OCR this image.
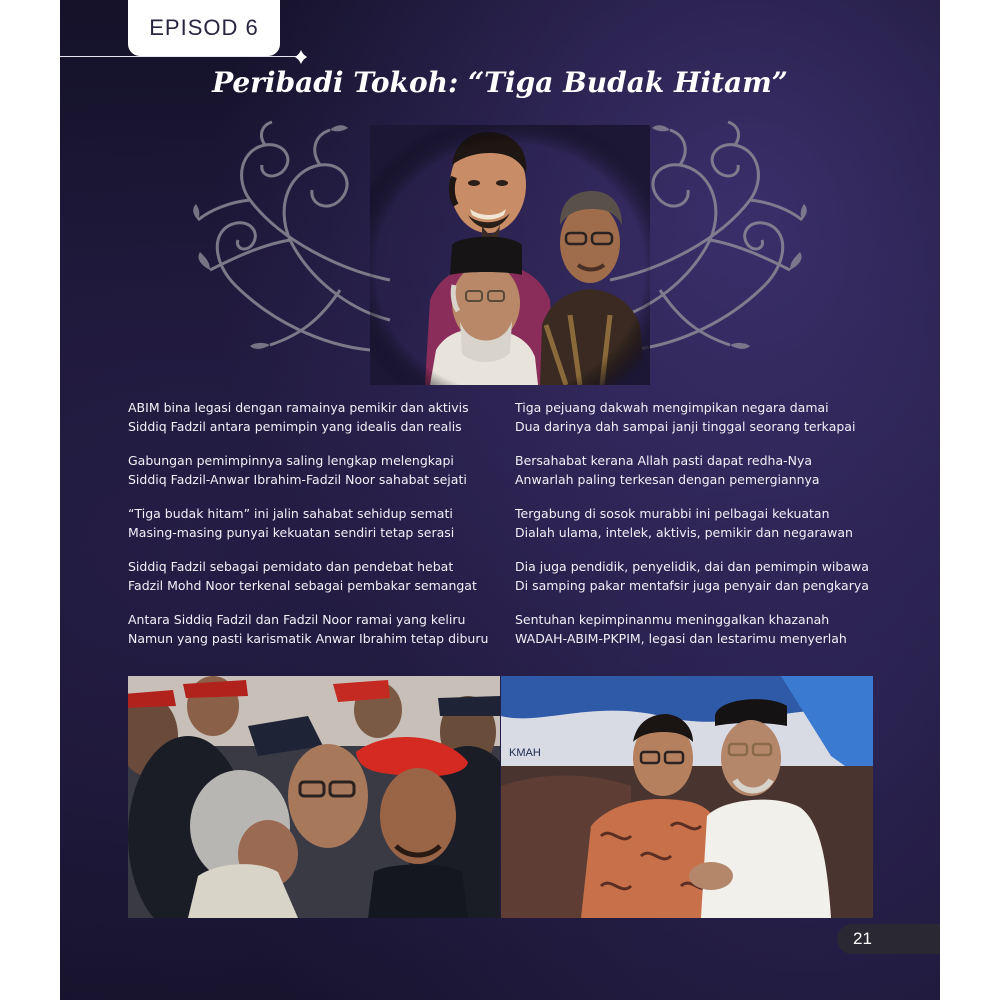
EPISOD 6
Peribadi Tokoh: “Tiga Budak Hitam”

ABIM bina legasi dengan ramainya pemikir dan aktivis

Siddiq Fadzil antara pemimpin yang idealis dan realis

Gabungan pemimpinnya saling lengkap melengkapi

Siddiq Fadzil-Anwar Ibrahim-Fadzil Noor sahabat sejati

“Tiga budak hitam” ini jalin sahabat sehidup semati

Masing-masing punyai kekuatan sendiri tetap serasi

Siddiq Fadzil sebagai pemidato dan pendebat hebat

Fadzil Mohd Noor terkenal sebagai pembakar semangat

Antara Siddiq Fadzil dan Fadzil Noor ramai yang keliru

Namun yang pasti karismatik Anwar Ibrahim tetap diburu

Tiga pejuang dakwah mengimpikan negara damai

Dua darinya dah sampai janji tinggal seorang terkapai

Bersahabat kerana Allah pasti dapat redha-Nya

Anwarlah paling terkesan dengan pemergiannya

Tergabung di sosok murabbi ini pelbagai kekuatan

Dialah ulama, intelek, aktivis, pemikir dan negarawan

Dia juga pendidik, penyelidik, dai dan pemimpin wibawa

Di samping pakar mentafsir juga penyair dan pengkarya

Sentuhan kepimpinanmu meninggalkan khazanah

WADAH-ABIM-PKPIM, legasi dan lestarimu menyerlah

KMAH
21
